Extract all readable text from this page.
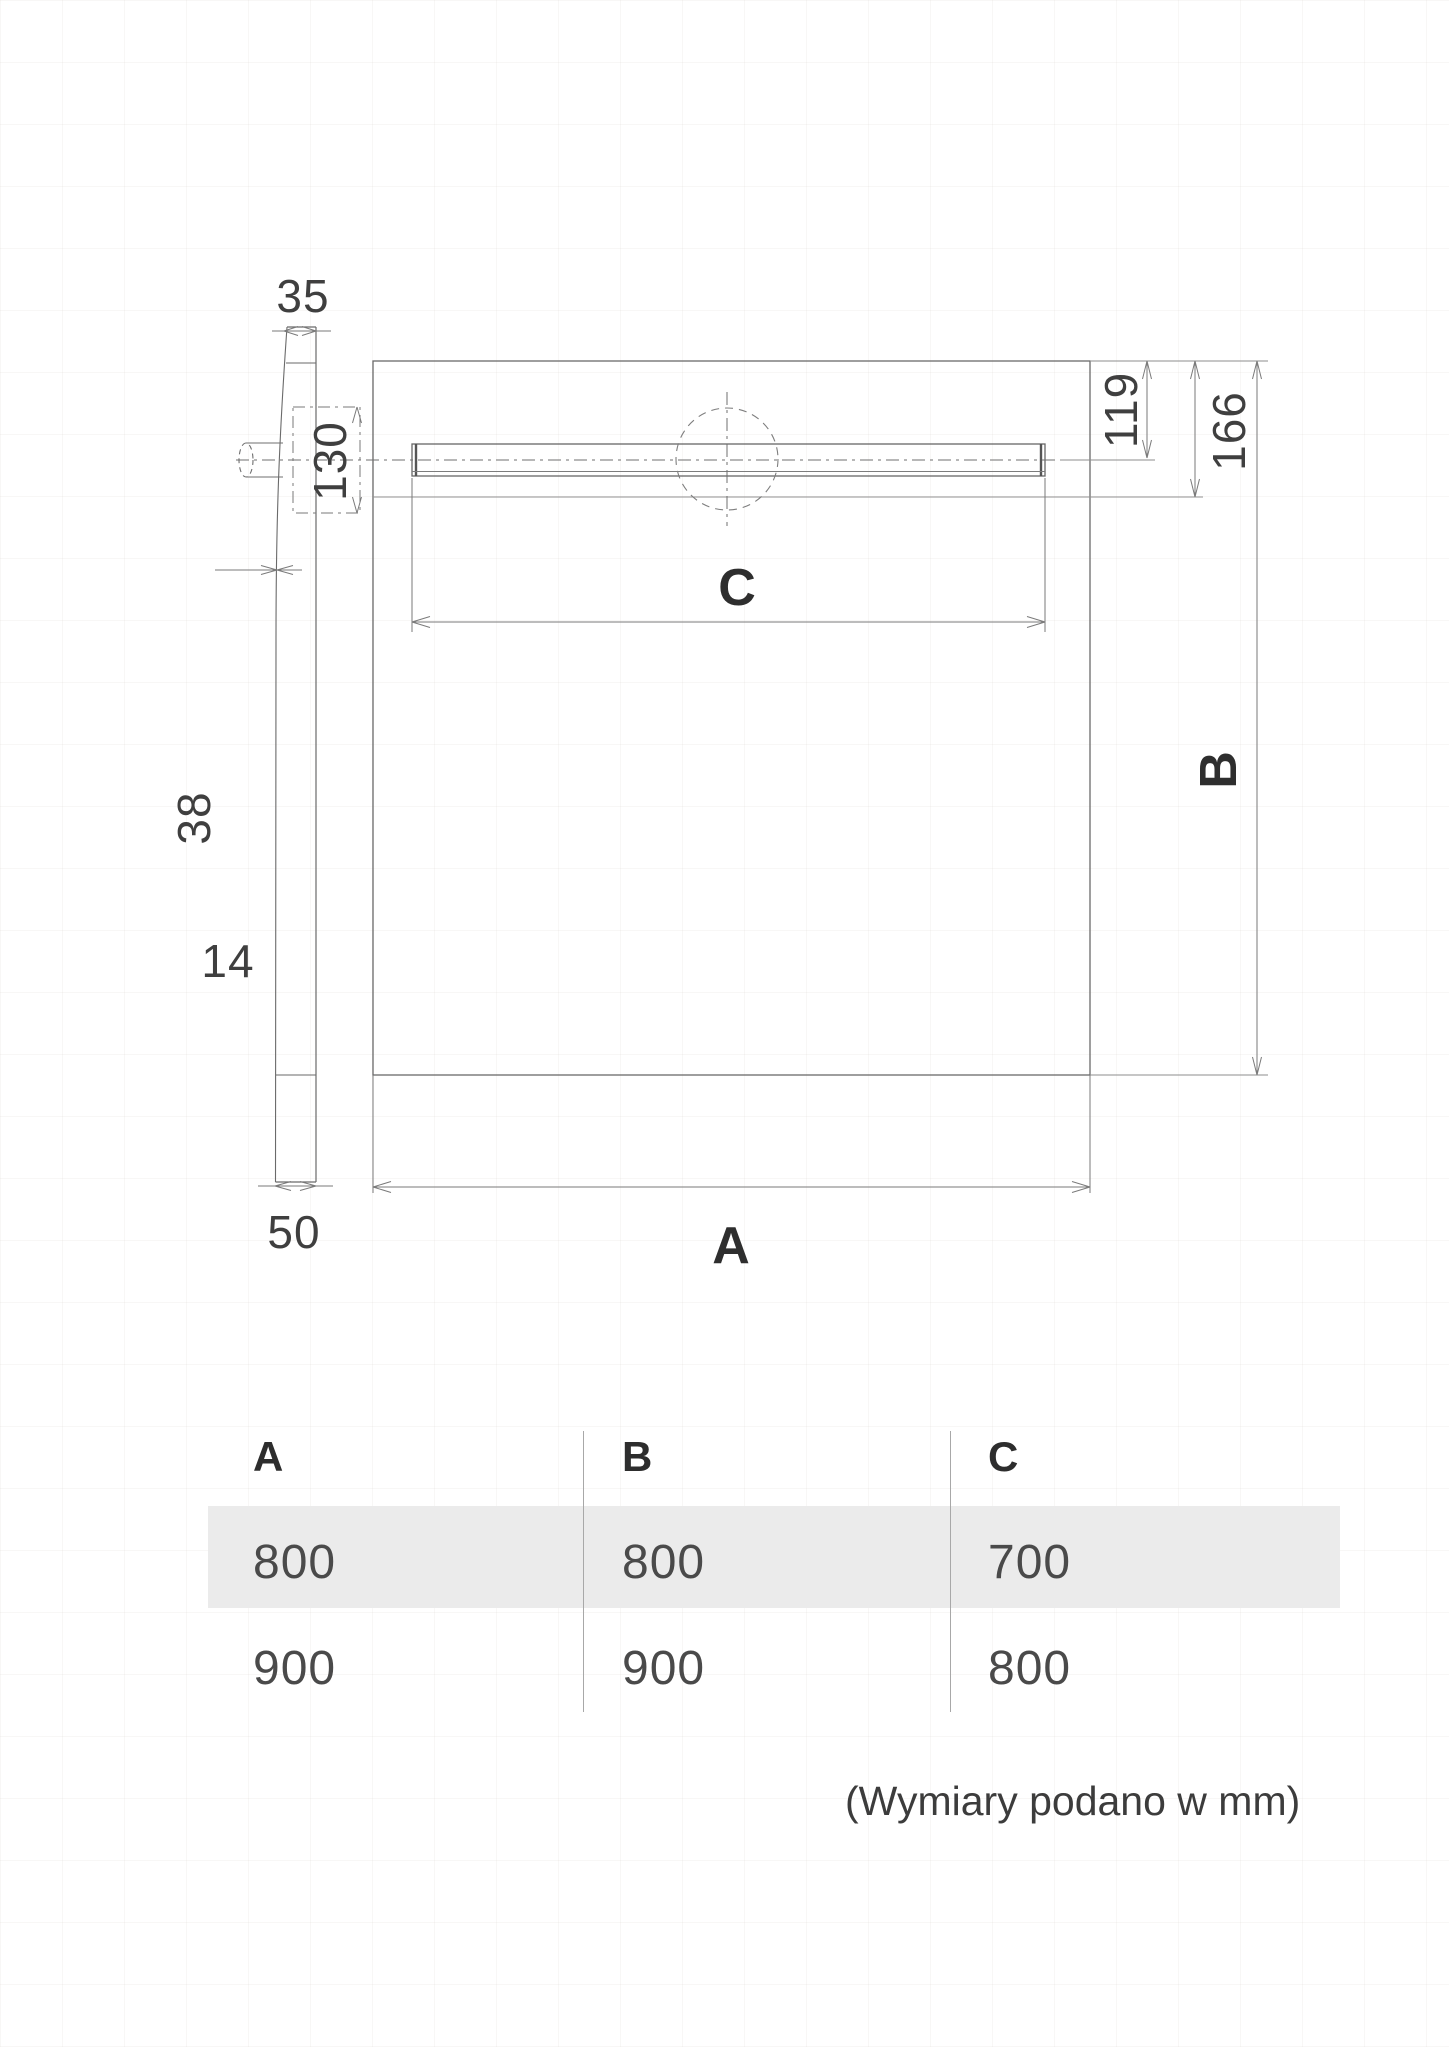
C
A
119 166
B
35
130
38
14
50
A	B	C
800	800	700
900	900	800
(Wymiary podano w mm)
